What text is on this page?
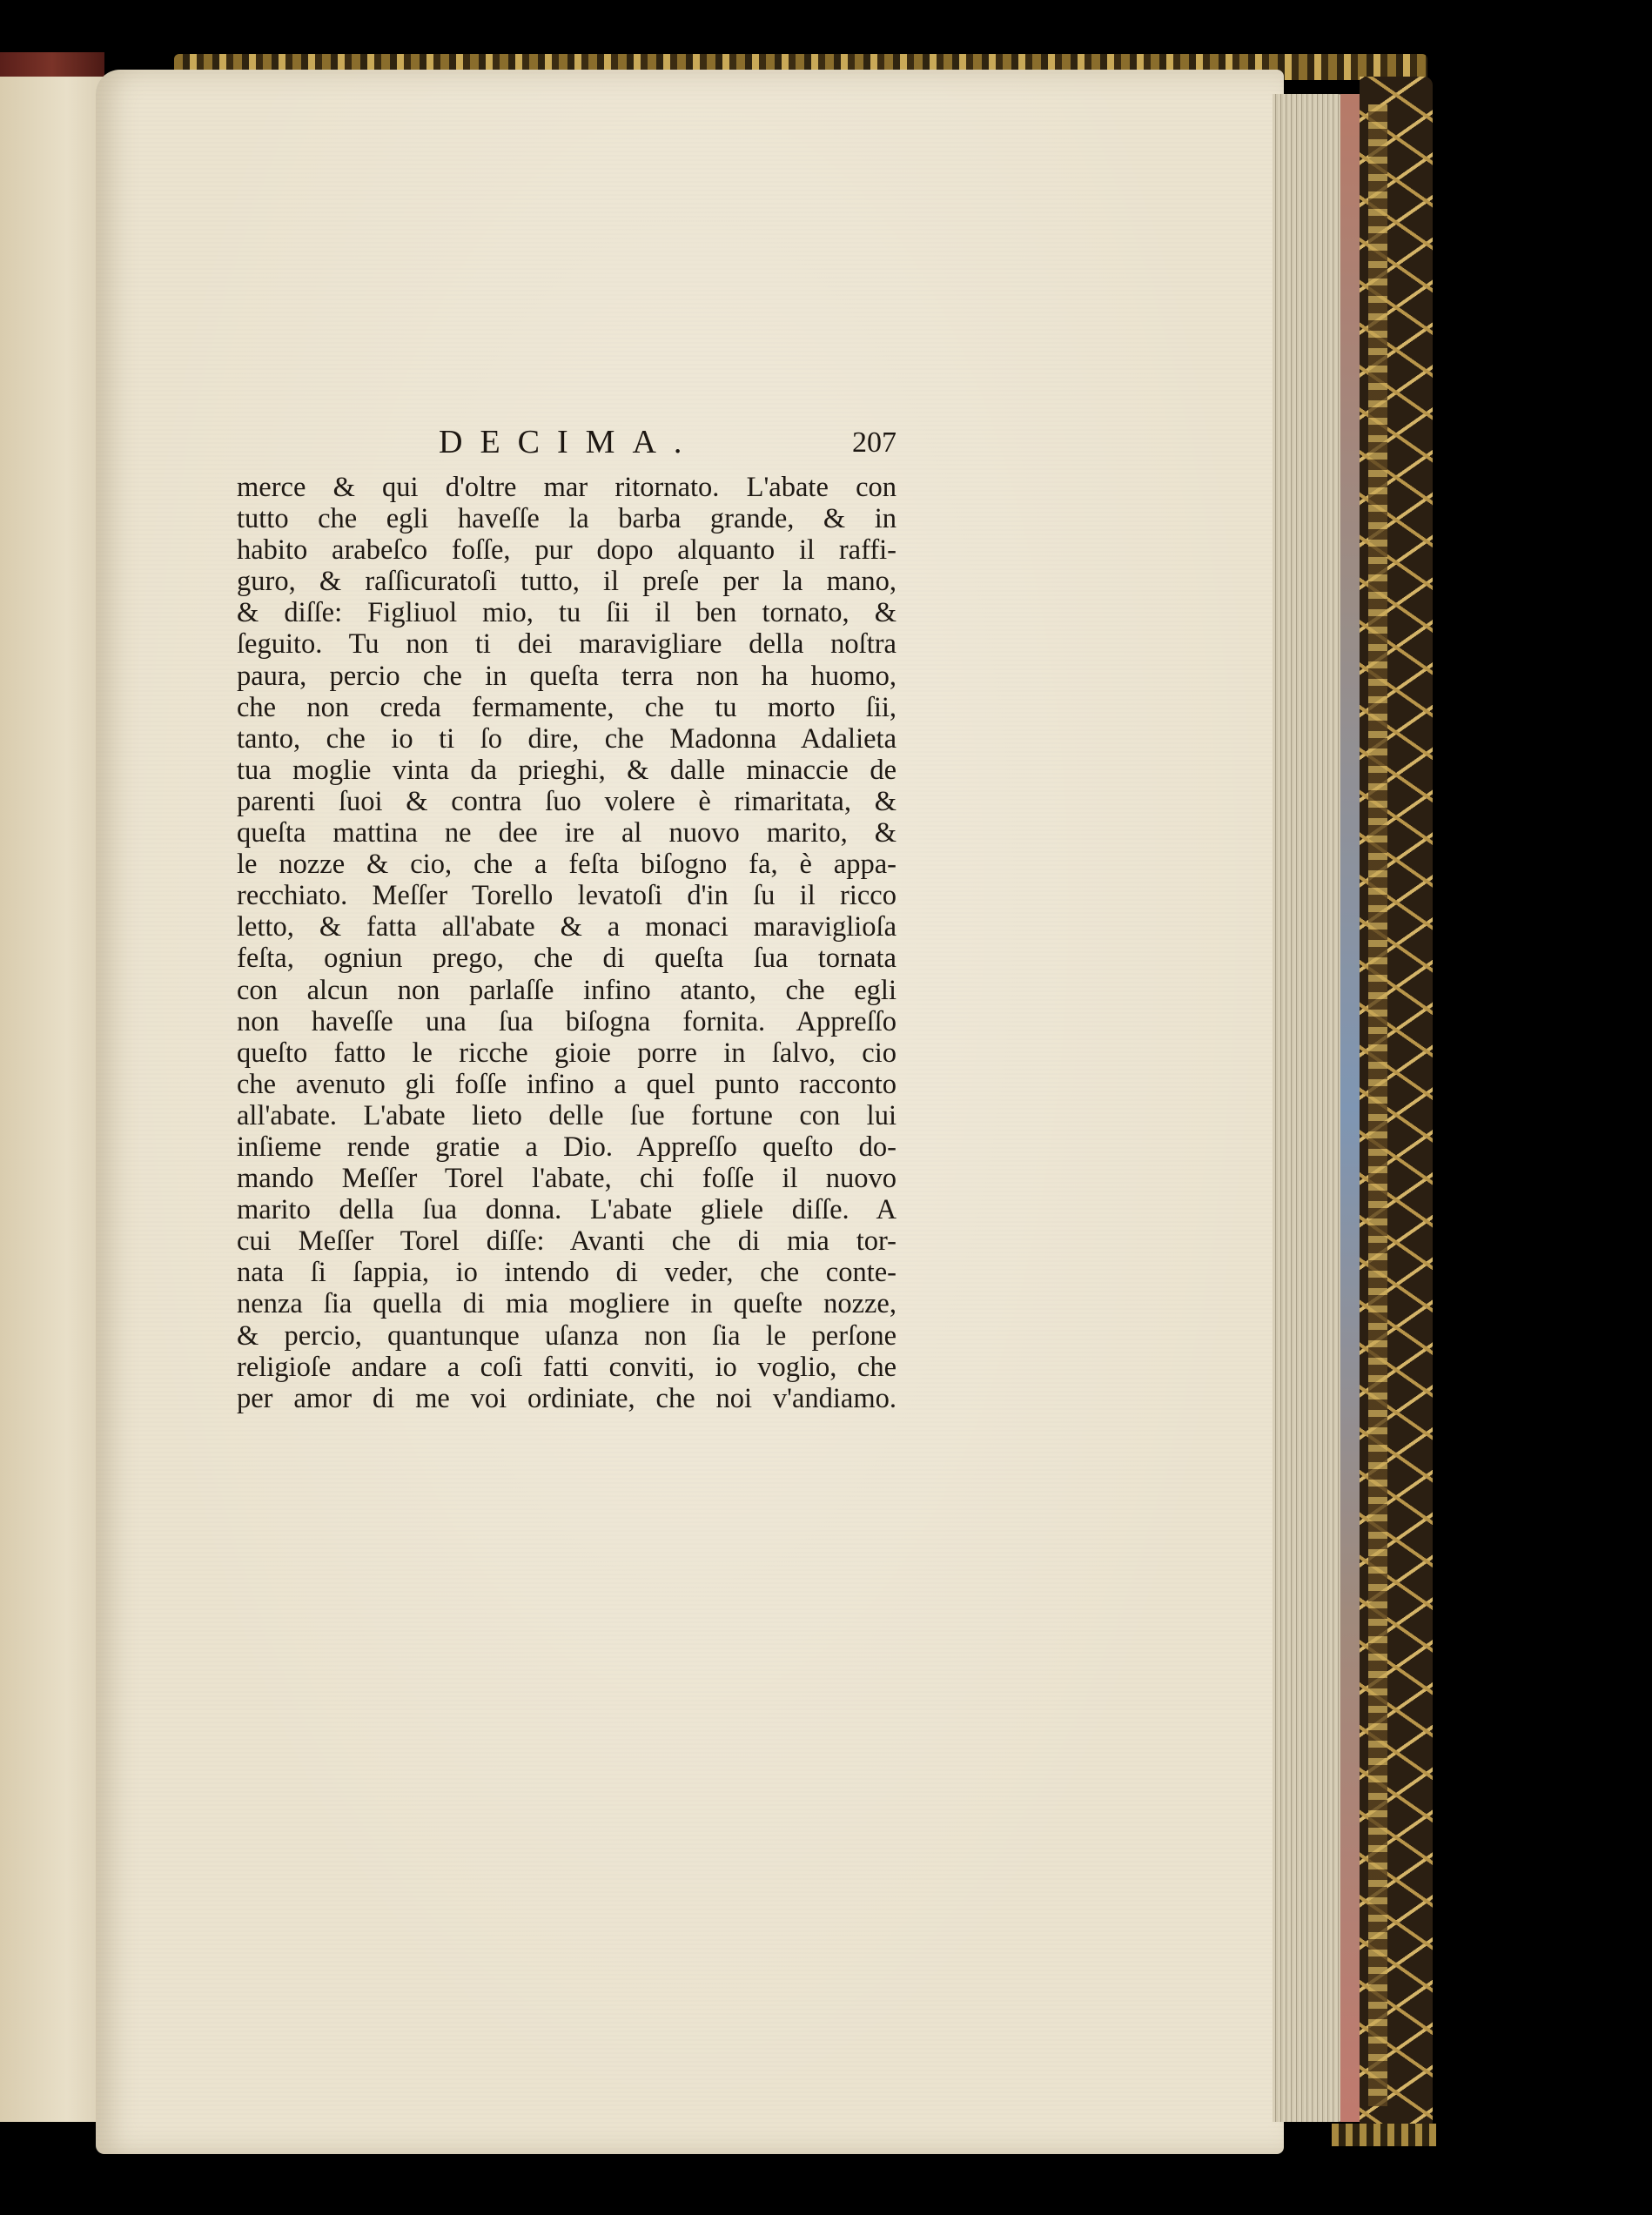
DECIMA.	207
merce & qui d'oltre mar ritornato. L'abate con
tutto che egli haveſſe la barba grande, & in
habito arabeſco foſſe, pur dopo alquanto il raffi-
guro, & raſſicuratoſi tutto, il preſe per la mano,
& diſſe: Figliuol mio, tu ſii il ben tornato, &
ſeguito. Tu non ti dei maravigliare della noſtra
paura, percio che in queſta terra non ha huomo,
che non creda fermamente, che tu morto ſii,
tanto, che io ti ſo dire, che Madonna Adalieta
tua moglie vinta da prieghi, & dalle minaccie de
parenti ſuoi & contra ſuo volere è rimaritata, &
queſta mattina ne dee ire al nuovo marito, &
le nozze & cio, che a feſta biſogno fa, è appa-
recchiato. Meſſer Torello levatoſi d'in ſu il ricco
letto, & fatta all'abate & a monaci maraviglioſa
feſta, ogniun prego, che di queſta ſua tornata
con alcun non parlaſſe infino atanto, che egli
non haveſſe una ſua biſogna fornita. Appreſſo
queſto fatto le ricche gioie porre in ſalvo, cio
che avenuto gli foſſe infino a quel punto racconto
all'abate. L'abate lieto delle ſue fortune con lui
inſieme rende gratie a Dio. Appreſſo queſto do-
mando Meſſer Torel l'abate, chi foſſe il nuovo
marito della ſua donna. L'abate gliele diſſe. A
cui Meſſer Torel diſſe: Avanti che di mia tor-
nata ſi ſappia, io intendo di veder, che conte-
nenza ſia quella di mia mogliere in queſte nozze,
& percio, quantunque uſanza non ſia le perſone
religioſe andare a coſi fatti conviti, io voglio, che
per amor di me voi ordiniate, che noi v'andiamo.
